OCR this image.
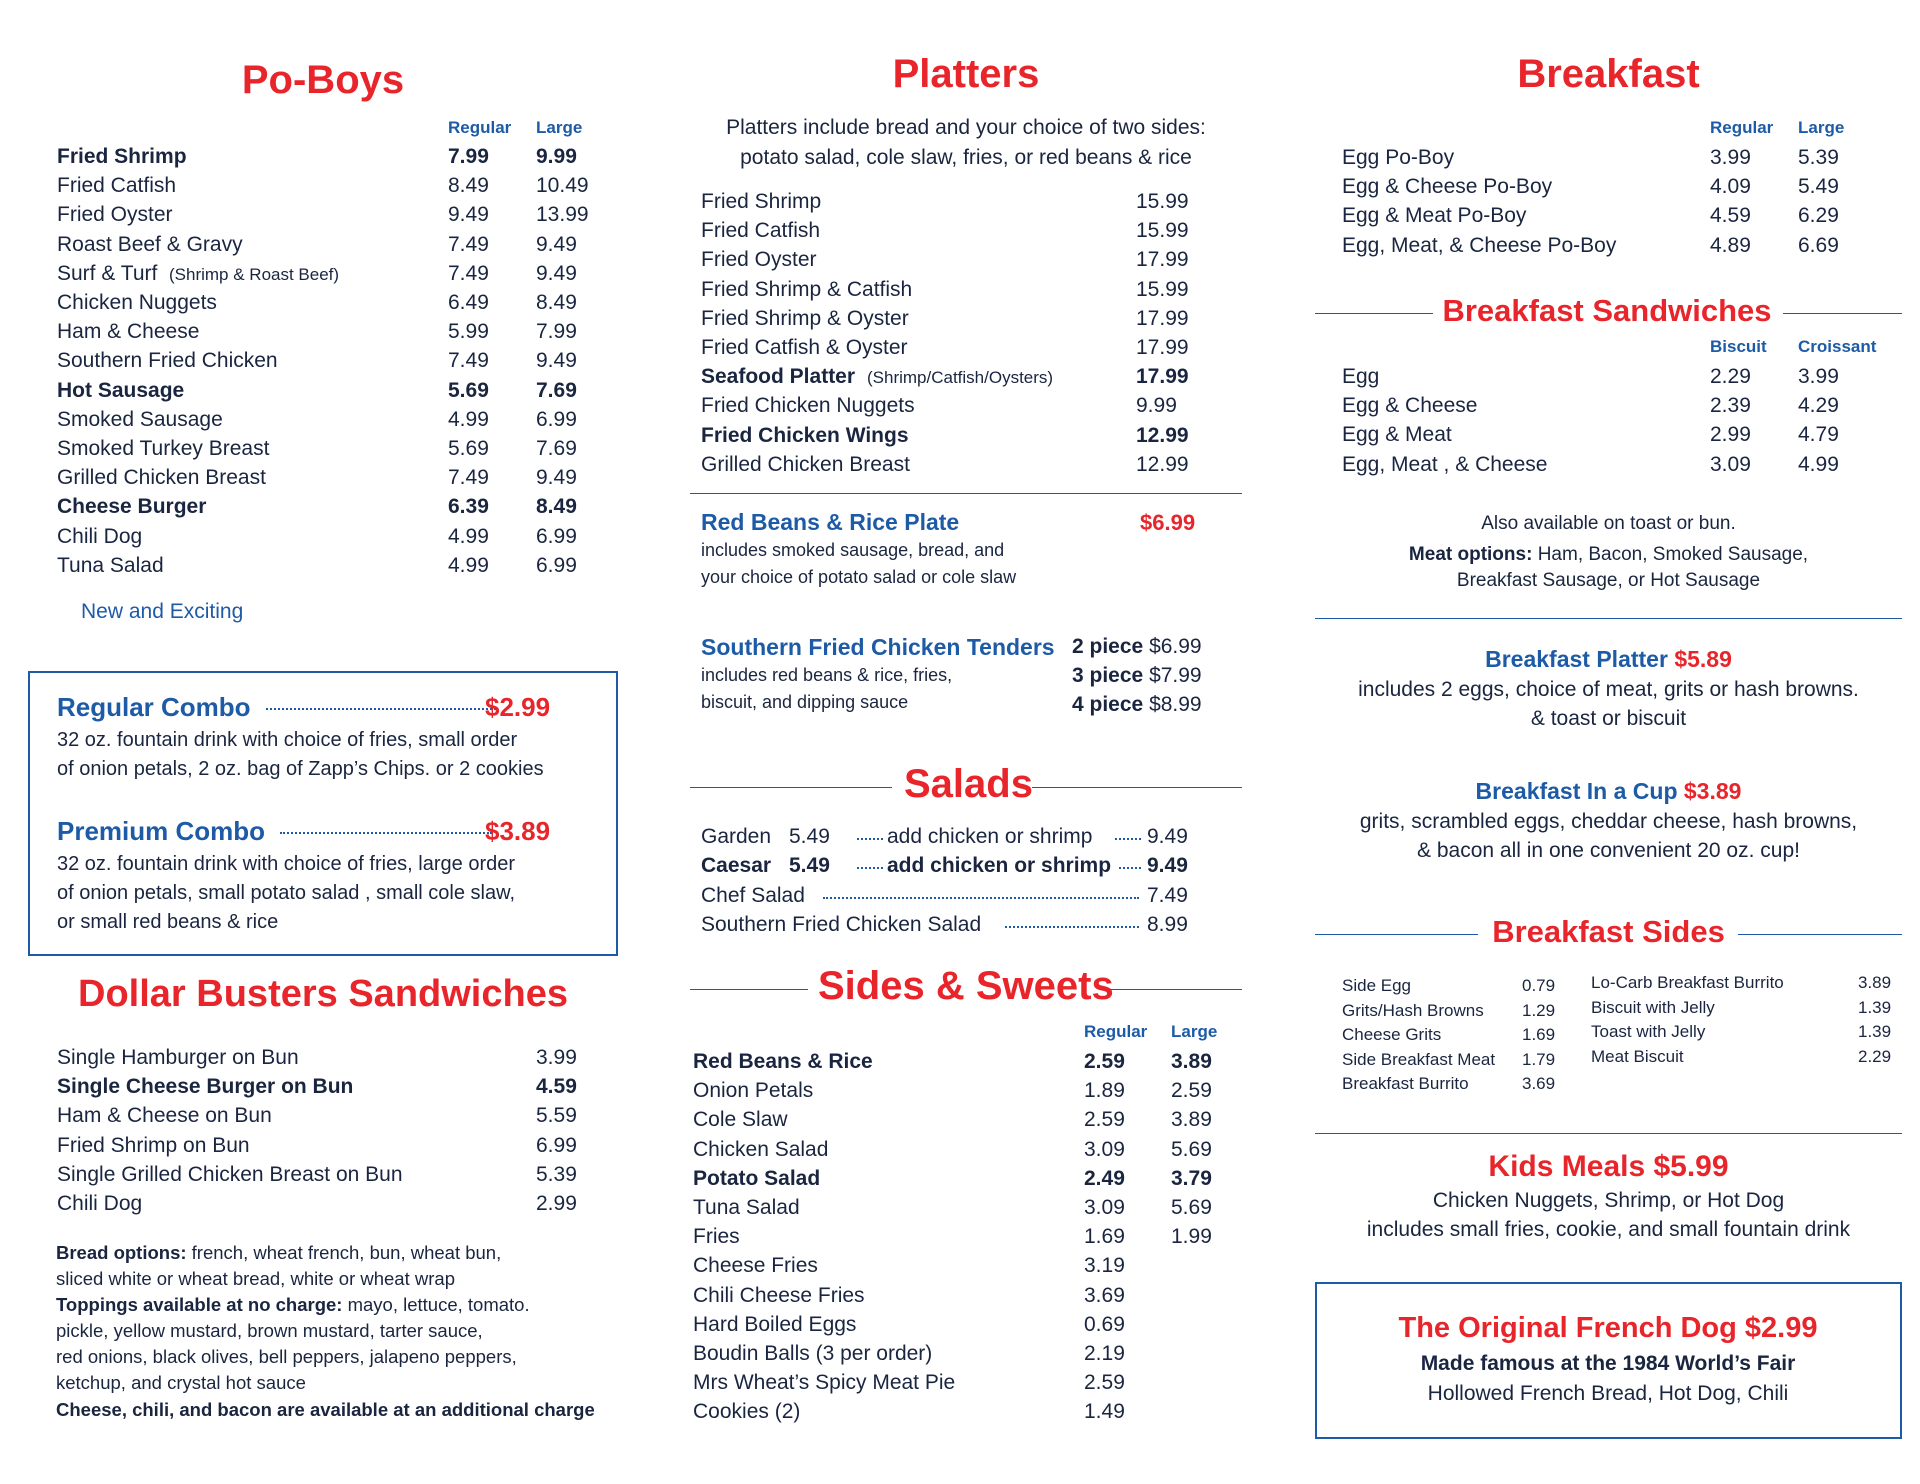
Po-Boys
Regular Large
Fried Shrimp	7.99 9.99
Fried Catfish	8.49 10.49
Fried Oyster	9.49 13.99
Roast Beef & Gravy	7.49 9.49
Surf & Turf (Shrimp & Roast Beef)	7.49 9.49
Chicken Nuggets	6.49 8.49
Ham & Cheese	5.99 7.99
Southern Fried Chicken	7.49 9.49
Hot Sausage	5.69 7.69
Smoked Sausage	4.99 6.99
Smoked Turkey Breast	5.69 7.69
Grilled Chicken Breast	7.49 9.49
Cheese Burger	6.39 8.49
Chili Dog	4.99 6.99
Tuna Salad	4.99 6.99
New and Exciting
Regular Combo	$2.99
32 oz. fountain drink with choice of fries, small order
of onion petals, 2 oz. bag of Zapp’s Chips. or 2 cookies
Premium Combo	$3.89
32 oz. fountain drink with choice of fries, large order
of onion petals, small potato salad , small cole slaw,
or small red beans & rice
Dollar Busters Sandwiches
Single Hamburger on Bun	3.99
Single Cheese Burger on Bun	4.59
Ham & Cheese on Bun	5.59
Fried Shrimp on Bun	6.99
Single Grilled Chicken Breast on Bun	5.39
Chili Dog	2.99
Bread options: french, wheat french, bun, wheat bun,
sliced white or wheat bread, white or wheat wrap
Toppings available at no charge: mayo, lettuce, tomato.
pickle, yellow mustard, brown mustard, tarter sauce,
red onions, black olives, bell peppers, jalapeno peppers,
ketchup, and crystal hot sauce
Cheese, chili, and bacon are available at an additional charge
Platters
Platters include bread and your choice of two sides:
potato salad, cole slaw, fries, or red beans & rice
Fried Shrimp	15.99
Fried Catfish	15.99
Fried Oyster	17.99
Fried Shrimp & Catfish	15.99
Fried Shrimp & Oyster	17.99
Fried Catfish & Oyster	17.99
Seafood Platter (Shrimp/Catfish/Oysters)	17.99
Fried Chicken Nuggets	9.99
Fried Chicken Wings	12.99
Grilled Chicken Breast	12.99
Red Beans & Rice Plate	$6.99
includes smoked sausage, bread, and
your choice of potato salad or cole slaw
Southern Fried Chicken Tenders
includes red beans & rice, fries,
biscuit, and dipping sauce
2 piece $6.99
3 piece $7.99
4 piece $8.99
Salads
Garden 5.49	add chicken or shrimp	9.49
Caesar 5.49	add chicken or shrimp 9.49
Chef Salad	7.49
Southern Fried Chicken Salad	8.99
Sides & Sweets
Regular Large
Red Beans & Rice	2.59 3.89
Onion Petals	1.89 2.59
Cole Slaw	2.59 3.89
Chicken Salad	3.09 5.69
Potato Salad	2.49 3.79
Tuna Salad	3.09 5.69
Fries	1.69 1.99
Cheese Fries	3.19
Chili Cheese Fries	3.69
Hard Boiled Eggs	0.69
Boudin Balls (3 per order)	2.19
Mrs Wheat’s Spicy Meat Pie	2.59
Cookies (2)	1.49
Breakfast
Regular Large
Egg Po-Boy	3.99 5.39
Egg & Cheese Po-Boy	4.09 5.49
Egg & Meat Po-Boy	4.59 6.29
Egg, Meat, & Cheese Po-Boy	4.89 6.69
Breakfast Sandwiches
Biscuit Croissant
Egg	2.29 3.99
Egg & Cheese	2.39 4.29
Egg & Meat	2.99 4.79
Egg, Meat , & Cheese	3.09 4.99
Also available on toast or bun.
Meat options: Ham, Bacon, Smoked Sausage,
Breakfast Sausage, or Hot Sausage
Breakfast Platter $5.89
includes 2 eggs, choice of meat, grits or hash browns.
& toast or biscuit
Breakfast In a Cup $3.89
grits, scrambled eggs, cheddar cheese, hash browns,
& bacon all in one convenient 20 oz. cup!
Breakfast Sides
Side Egg	0.79
Grits/Hash Browns 1.29
Cheese Grits	1.69
Side Breakfast Meat 1.79
Breakfast Burrito	3.69
Lo-Carb Breakfast Burrito	3.89
Biscuit with Jelly	1.39
Toast with Jelly	1.39
Meat Biscuit	2.29
Kids Meals $5.99
Chicken Nuggets, Shrimp, or Hot Dog
includes small fries, cookie, and small fountain drink
The Original French Dog $2.99
Made famous at the 1984 World’s Fair
Hollowed French Bread, Hot Dog, Chili
